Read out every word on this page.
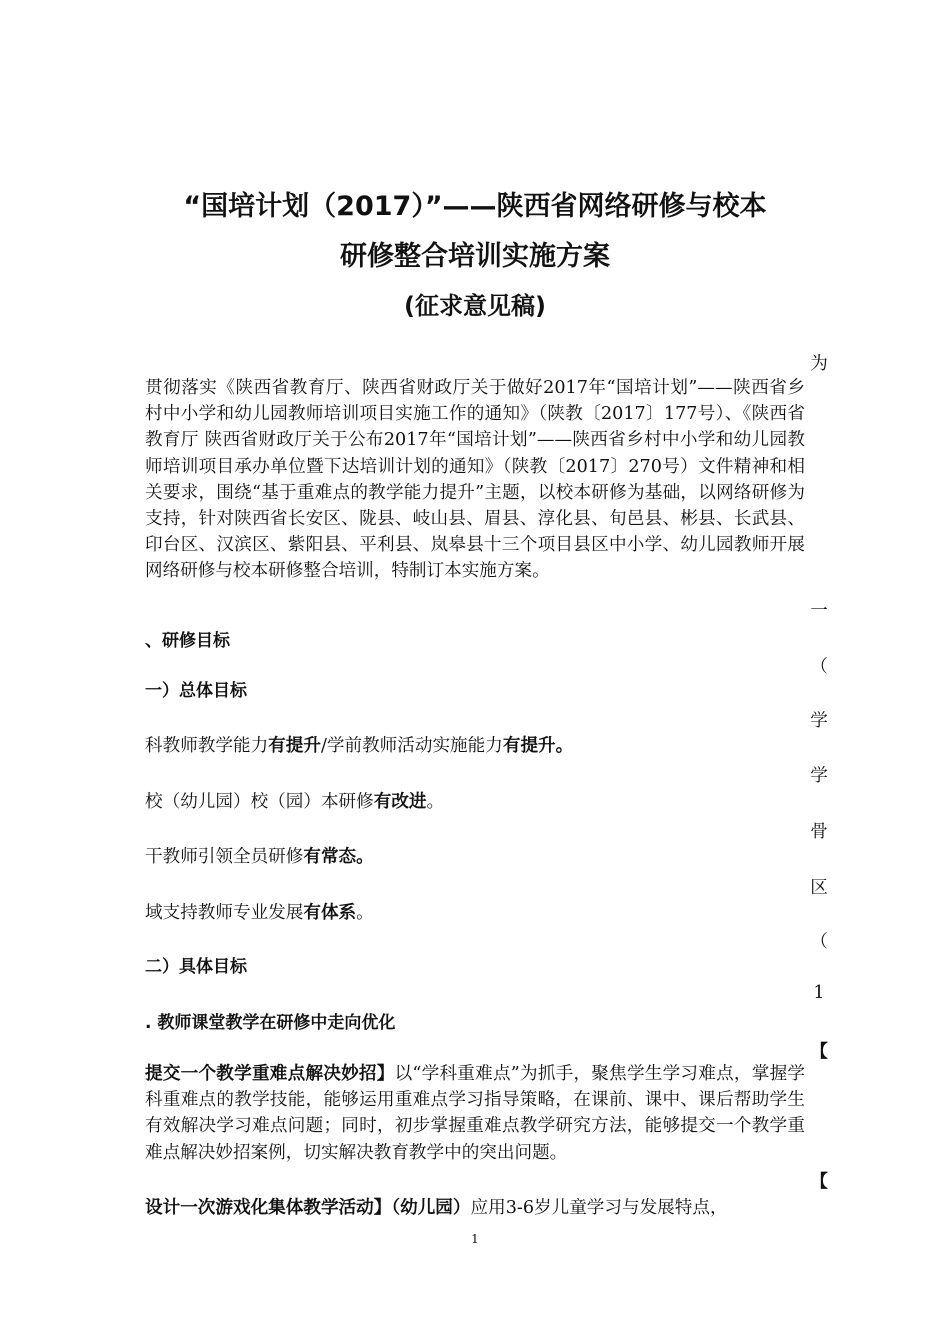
“国培计划（2017）”——陕西省网络研修与校本
研修整合培训实施方案
(征求意见稿)
贯彻落实《陕西省教育厅、陕西省财政厅关于做好2017年“国培计划”——陕西省乡村中小学和幼儿园教师培训项目实施工作的通知》（陕教〔2017〕177号）、《陕西省教育厅 陕西省财政厅关于公布2017年“国培计划”——陕西省乡村中小学和幼儿园教师培训项目承办单位暨下达培训计划的通知》（陕教〔2017〕270号）文件精神和相关要求，围绕“基于重难点的教学能力提升”主题，以校本研修为基础，以网络研修为支持，针对陕西省长安区、陇县、岐山县、眉县、淳化县、旬邑县、彬县、长武县、印台区、汉滨区、紫阳县、平利县、岚皋县十三个项目县区中小学、幼儿园教师开展网络研修与校本研修整合培训，特制订本实施方案。
为
一
（
学
学
骨
区
（
1
【
【
、研修目标
一）总体目标
科教师教学能力有提升/学前教师活动实施能力有提升。
校（幼儿园）校（园）本研修有改进。
干教师引领全员研修有常态。
域支持教师专业发展有体系。
二）具体目标
. 教师课堂教学在研修中走向优化
提交一个教学重难点解决妙招】以“学科重难点”为抓手，聚焦学生学习难点，掌握学科重难点的教学技能，能够运用重难点学习指导策略，在课前、课中、课后帮助学生有效解决学习难点问题；同时，初步掌握重难点教学研究方法，能够提交一个教学重难点解决妙招案例，切实解决教育教学中的突出问题。
设计一次游戏化集体教学活动】（幼儿园）应用3-6岁儿童学习与发展特点，
1
